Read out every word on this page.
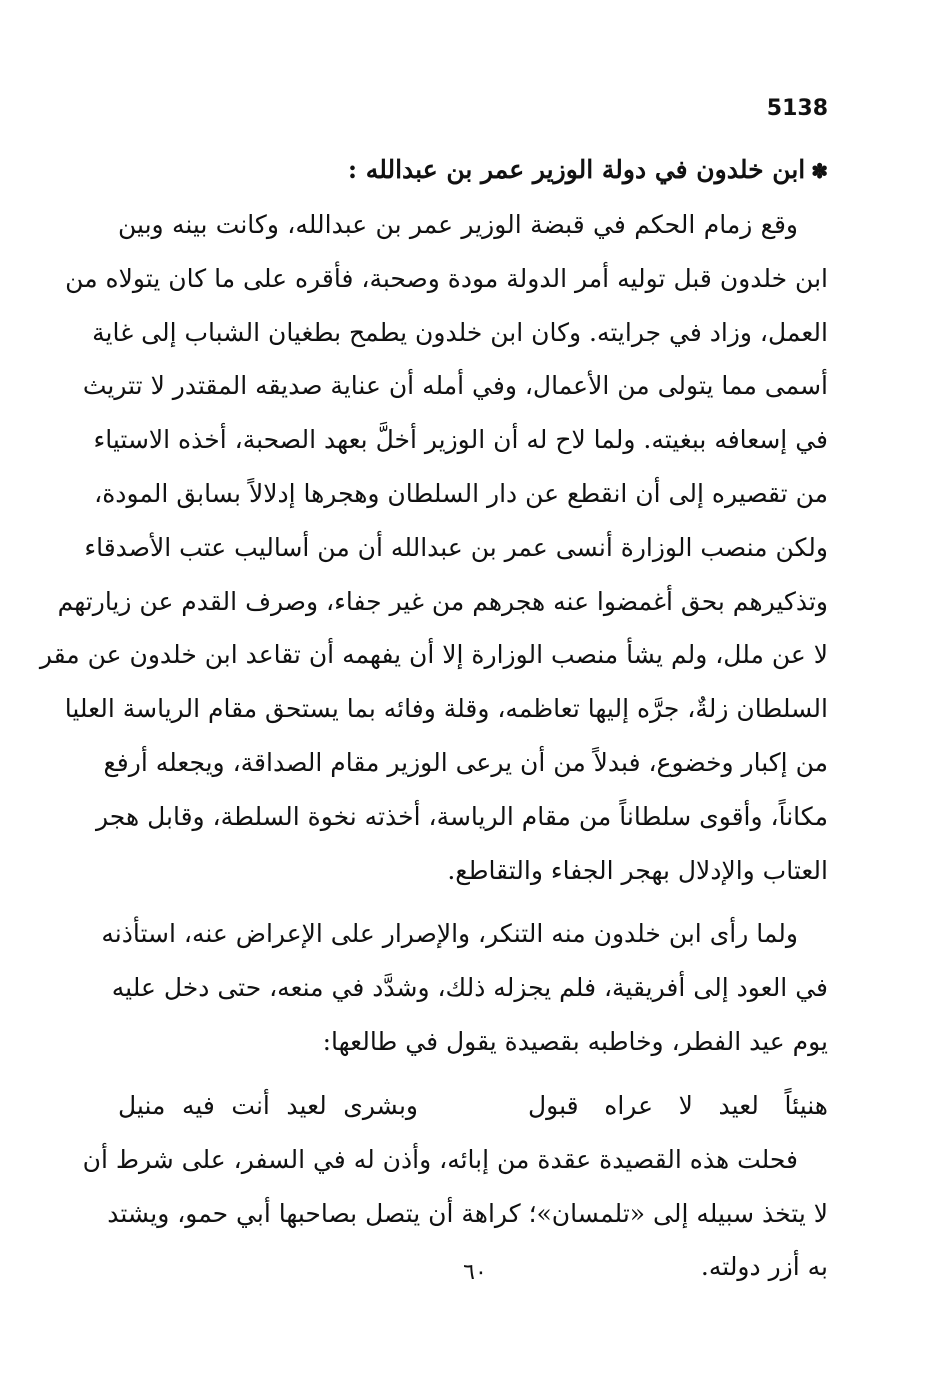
5138
✽ابن خلدون في دولة الوزير عمر بن عبدالله :
وقع زمام الحكم في قبضة الوزير عمر بن عبدالله، وكانت بينه وبين
ابن خلدون قبل توليه أمر الدولة مودة وصحبة، فأقره على ما كان يتولاه من
العمل، وزاد في جرايته. وكان ابن خلدون يطمح بطغيان الشباب إلى غاية
أسمى مما يتولى من الأعمال، وفي أمله أن عناية صديقه المقتدر لا تتريث
في إسعافه ببغيته. ولما لاح له أن الوزير أخلَّ بعهد الصحبة، أخذه الاستياء
من تقصيره إلى أن انقطع عن دار السلطان وهجرها إدلالاً بسابق المودة،
ولكن منصب الوزارة أنسى عمر بن عبدالله أن من أساليب عتب الأصدقاء
وتذكيرهم بحق أغمضوا عنه هجرهم من غير جفاء، وصرف القدم عن زيارتهم
لا عن ملل، ولم يشأ منصب الوزارة إلا أن يفهمه أن تقاعد ابن خلدون عن مقر
السلطان زلةٌ، جرَّه إليها تعاظمه، وقلة وفائه بما يستحق مقام الرياسة العليا
من إكبار وخضوع، فبدلاً من أن يرعى الوزير مقام الصداقة، ويجعله أرفع
مكاناً، وأقوى سلطاناً من مقام الرياسة، أخذته نخوة السلطة، وقابل هجر
العتاب والإدلال بهجر الجفاء والتقاطع.
ولما رأى ابن خلدون منه التنكر، والإصرار على الإعراض عنه، استأذنه
في العود إلى أفريقية، فلم يجزله ذلك، وشدَّد في منعه، حتى دخل عليه
يوم عيد الفطر، وخاطبه بقصيدة يقول في طالعها:
هنيئاً لعيد لا عراه قبول
وبشرى لعيد أنت فيه منيل
فحلت هذه القصيدة عقدة من إبائه، وأذن له في السفر، على شرط أن
لا يتخذ سبيله إلى «تلمسان»؛ كراهة أن يتصل بصاحبها أبي حمو، ويشتد
به أزر دولته.
٦٠
